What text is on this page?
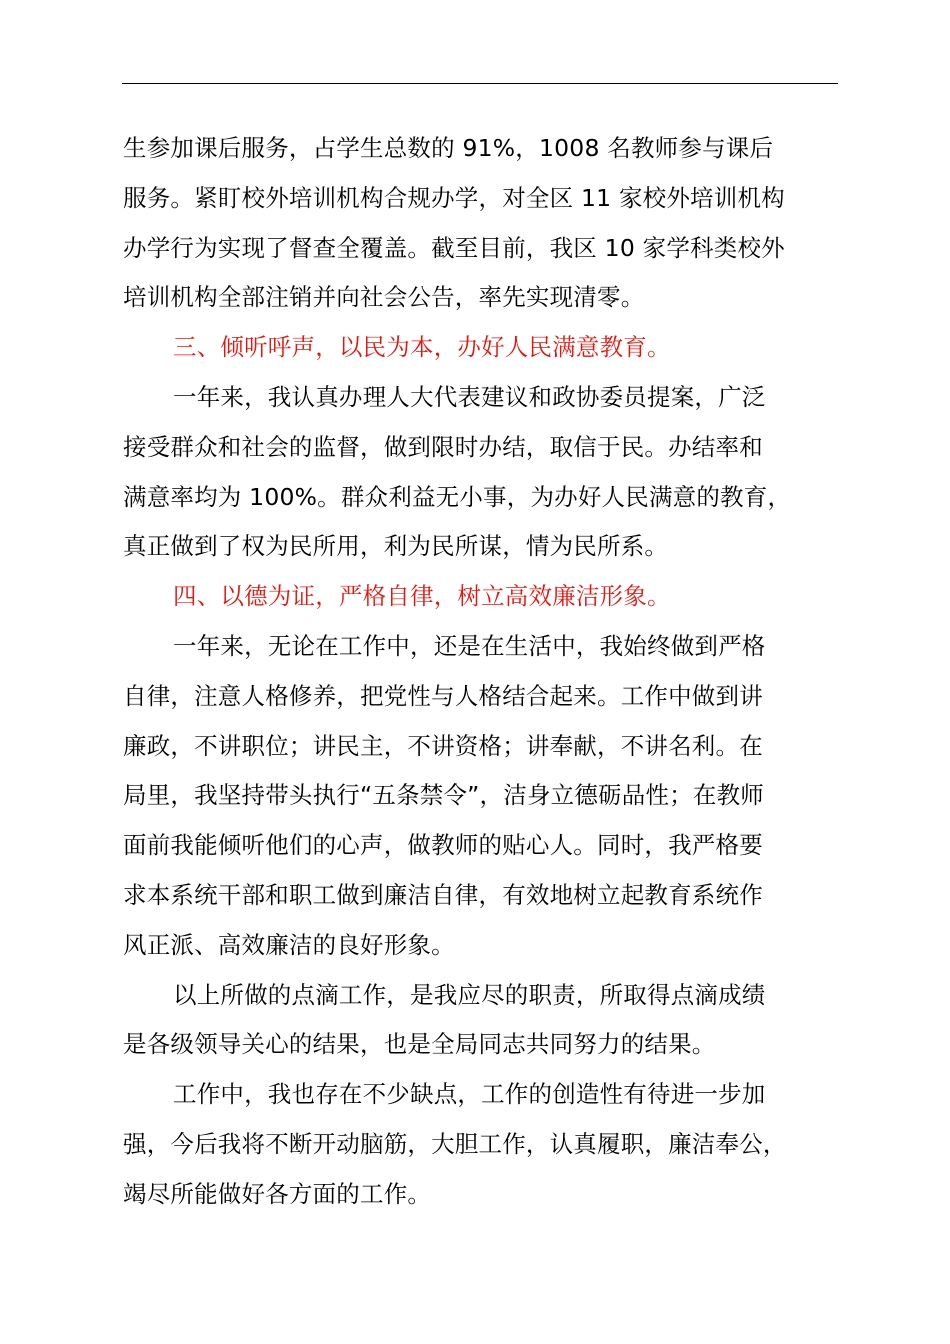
生参加课后服务，占学生总数的 91%，1008 名教师参与课后
服务。紧盯校外培训机构合规办学，对全区 11 家校外培训机构
办学行为实现了督查全覆盖。截至目前，我区 10 家学科类校外
培训机构全部注销并向社会公告，率先实现清零。
三、倾听呼声，以民为本，办好人民满意教育。
一年来，我认真办理人大代表建议和政协委员提案，广泛
接受群众和社会的监督，做到限时办结，取信于民。办结率和
满意率均为 100%。群众利益无小事，为办好人民满意的教育，
真正做到了权为民所用，利为民所谋，情为民所系。
四、以德为证，严格自律，树立高效廉洁形象。
一年来，无论在工作中，还是在生活中，我始终做到严格
自律，注意人格修养，把党性与人格结合起来。工作中做到讲
廉政，不讲职位；讲民主，不讲资格；讲奉献，不讲名利。在
局里，我坚持带头执行“五条禁令”，洁身立德砺品性；在教师
面前我能倾听他们的心声，做教师的贴心人。同时，我严格要
求本系统干部和职工做到廉洁自律，有效地树立起教育系统作
风正派、高效廉洁的良好形象。
以上所做的点滴工作，是我应尽的职责，所取得点滴成绩
是各级领导关心的结果，也是全局同志共同努力的结果。
工作中，我也存在不少缺点，工作的创造性有待进一步加
强，今后我将不断开动脑筋，大胆工作，认真履职，廉洁奉公，
竭尽所能做好各方面的工作。
